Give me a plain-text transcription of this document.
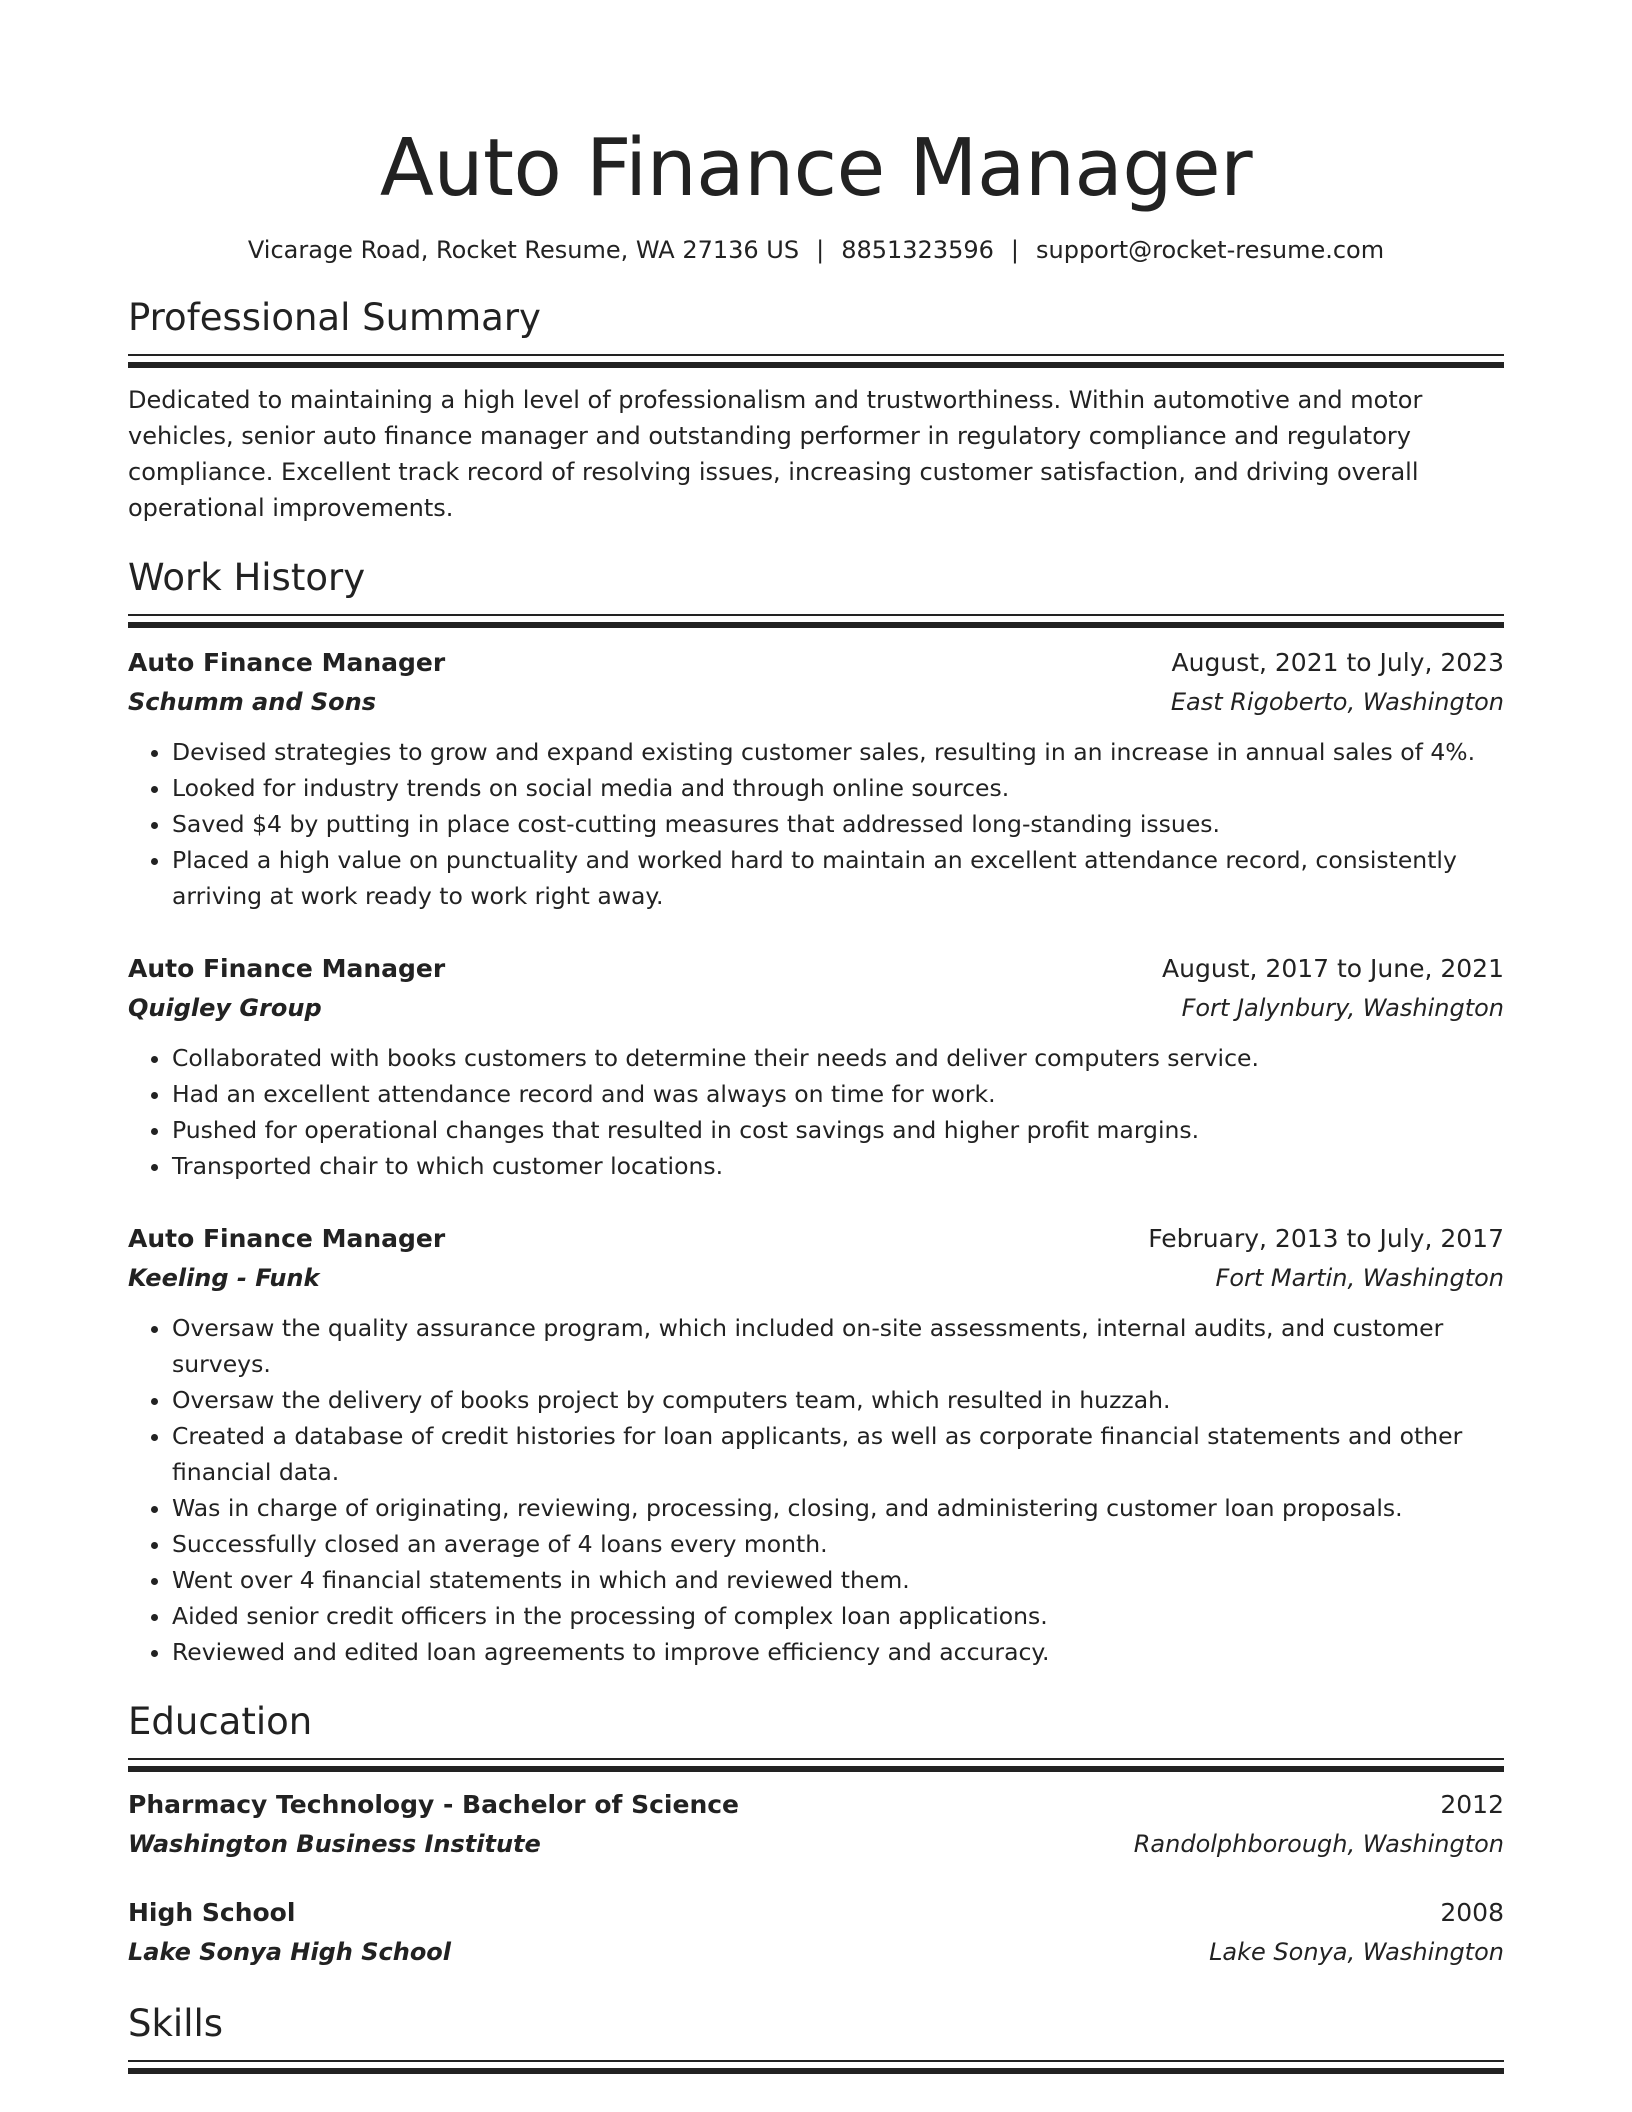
Auto Finance Manager
Vicarage Road, Rocket Resume, WA 27136 US | 8851323596 | support@rocket-resume.com
Professional Summary
Dedicated to maintaining a high level of professionalism and trustworthiness. Within automotive and motor vehicles, senior auto finance manager and outstanding performer in regulatory compliance and regulatory compliance. Excellent track record of resolving issues, increasing customer satisfaction, and driving overall operational improvements.
Work History
Auto Finance Manager	August, 2021 to July, 2023
Schumm and Sons	East Rigoberto, Washington
• Devised strategies to grow and expand existing customer sales, resulting in an increase in annual sales of 4%.
• Looked for industry trends on social media and through online sources.
• Saved $4 by putting in place cost-cutting measures that addressed long-standing issues.
• Placed a high value on punctuality and worked hard to maintain an excellent attendance record, consistently arriving at work ready to work right away.
Auto Finance Manager	August, 2017 to June, 2021
Quigley Group	Fort Jalynbury, Washington
• Collaborated with books customers to determine their needs and deliver computers service.
• Had an excellent attendance record and was always on time for work.
• Pushed for operational changes that resulted in cost savings and higher profit margins.
• Transported chair to which customer locations.
Auto Finance Manager	February, 2013 to July, 2017
Keeling - Funk	Fort Martin, Washington
• Oversaw the quality assurance program, which included on-site assessments, internal audits, and customer surveys.
• Oversaw the delivery of books project by computers team, which resulted in huzzah.
• Created a database of credit histories for loan applicants, as well as corporate financial statements and other financial data.
• Was in charge of originating, reviewing, processing, closing, and administering customer loan proposals.
• Successfully closed an average of 4 loans every month.
• Went over 4 financial statements in which and reviewed them.
• Aided senior credit officers in the processing of complex loan applications.
• Reviewed and edited loan agreements to improve efficiency and accuracy.
Education
Pharmacy Technology - Bachelor of Science	2012
Washington Business Institute	Randolphborough, Washington
High School	2008
Lake Sonya High School	Lake Sonya, Washington
Skills
